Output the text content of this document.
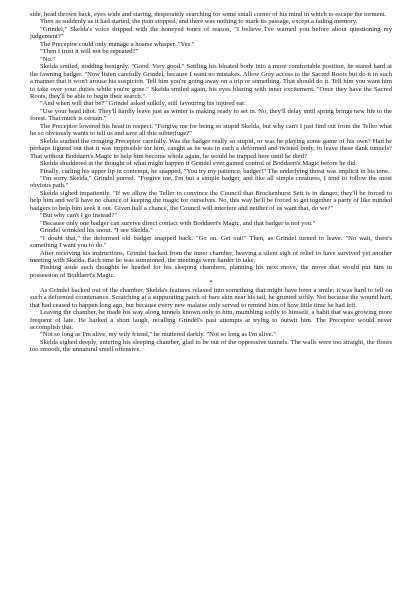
side, head thrown back, eyes wide and staring, desperately searching for some small corner of his mind in which to escape the torment.

Then as suddenly as it had started, the pain stopped, and there was nothing to mark its passage, except a fading memory.

"Grindel," Skelda's voice dripped with the honeyed tones of reason, "I believe I've warned you before about questioning my judgement?"

The Preceptor could only manage a hoarse whisper. "Yes."

"Then I trust it will not be repeated?"

"No."

Skelda smiled, nodding benignly. "Good. Very good." Settling his bloated body into a more comfortable position, he stared hard at the fawning badger. "Now listen carefully Grindel, because I want no mistakes. Allow Grey access to the Sacred Roots but do it in such a manner that it won't arouse his suspicion. Tell him you're going away on a trip or something. That should do it. Tell him you want him to take over your duties while you're gone." Skelda smiled again, his eyes blazing with inner excitement. "Once they have the Sacred Roots, they'll be able to begin their search."

"And when will that be?" Grindel asked sulkily, still favouring his injured ear.

"Use your head idiot. They'll hardly leave just as winter is making ready to set in. No, they'll delay until spring brings new life to the forest. That much is certain."

The Preceptor lowered his head in respect. "Forgive me for being so stupid Skelda, but why can't I just find out from the Teller what he so obviously wants to tell us and save all this subterfuge?"

Skelda studied the cringing Preceptor carefully. Was the badger really so stupid, or was he playing some game of his own? Had he perhaps figured out that it was impossible for him, caught as he was in such a deformed and twisted body, to leave these dank tunnels? That without Boddaert's Magic to help him become whole again, he would be trapped here until he died?

Skelda shuddered at the thought of what might happen if Grindel ever gained control of Boddaert's Magic before he did.

Finally, curling his upper lip in contempt, he snapped, "You try my patience, badger!" The underlying threat was implicit in his tone.

"I'm sorry Skelda," Grindel purred. "Forgive me, I'm but a simple badger, and like all simple creatures, I tend to follow the most obvious path."

Skelda sighed impatiently. "If we allow the Teller to convince the Council that Brockenhurst Sett is in danger, they'll be forced to help him and we'll have no chance of keeping the magic for ourselves. No, this way he'll be forced to get together a party of like minded badgers to help him seek it out. Given half a chance, the Council will interfere and neither of us want that, do we?"

"But why can't I go instead?"

"Because only one badger can survive direct contact with Boddaert's Magic, and that badger is not you."

Grindel wrinkled his snout. "I see Skelda."

"I doubt that," the deformed old badger snapped back. "Go on. Get out!" Then, as Grindel turned to leave. "No wait, there's something I want you to do."

After receiving his instructions, Grindel backed from the inner chamber, heaving a silent sigh of relief to have survived yet another meeting with Skelda. Each time he was summoned, the meetings were harder to take.

Pushing aside such thoughts he headed for his sleeping chambers, planning his next move, the move that would put him in possession of Boddaert's Magic.

*

As Grindel backed out of the chamber, Skelda's features relaxed into something that might have been a smile; it was hard to tell on such a deformed countenance. Scratching at a suppurating patch of bare skin near his tail, he grunted softly. Not because the wound hurt, that had ceased to happen long ago, but because every new malaise only served to remind him of how little time he had left.

Leaving the chamber, he made his way along tunnels known only to him, mumbling softly to himself, a habit that was growing more frequent of late. He barked a short laugh, recalling Grindel's past attempts at trying to outwit him. The Preceptor would never accomplish that.

"Not so long as I'm alive, my wily friend," he muttered darkly. "Not so long as I'm alive."

Skelda sighed deeply, entering his sleeping chamber, glad to be out of the oppressive tunnels. The walls were too straight, the floors too smooth, the unnatural smell offensive.
